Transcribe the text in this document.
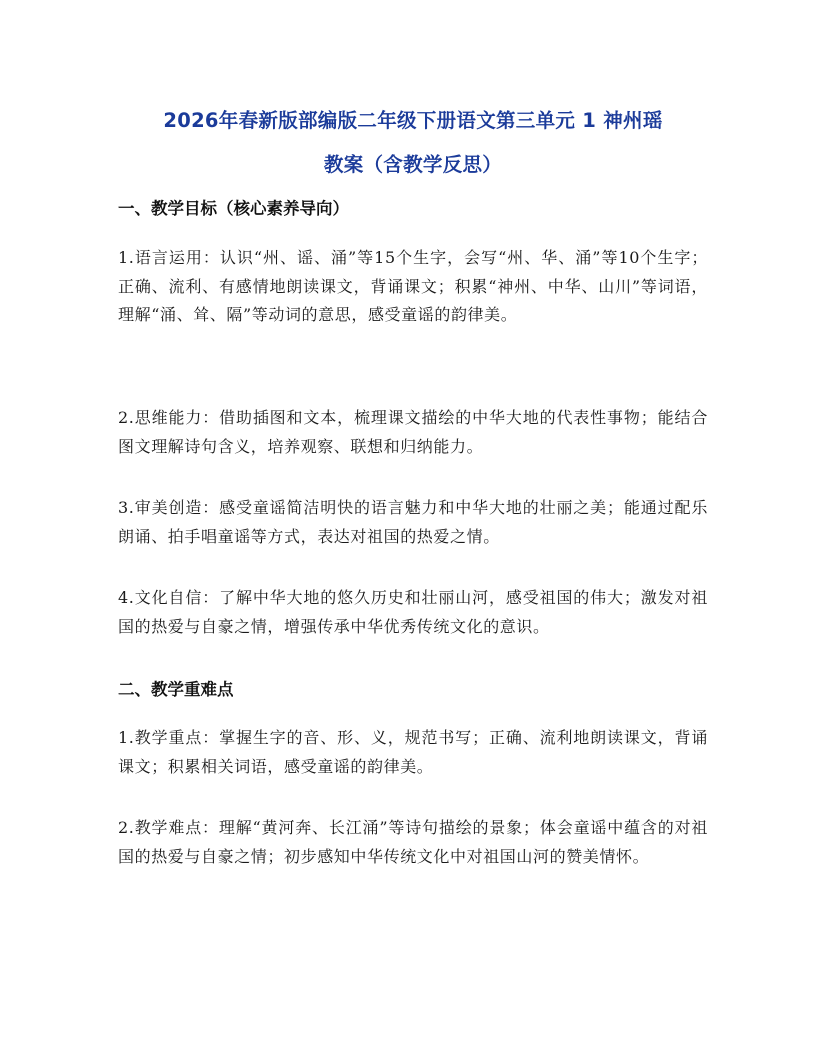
2026年春新版部编版二年级下册语文第三单元 1 神州瑶
教案（含教学反思）
一、教学目标（核心素养导向）

1.语言运用：认识“州、谣、涌”等15个生字，会写“州、华、涌”等10个生字；正确、流利、有感情地朗读课文，背诵课文；积累“神州、中华、山川”等词语，理解“涌、耸、隔”等动词的意思，感受童谣的韵律美。

2.思维能力：借助插图和文本，梳理课文描绘的中华大地的代表性事物；能结合图文理解诗句含义，培养观察、联想和归纳能力。

3.审美创造：感受童谣简洁明快的语言魅力和中华大地的壮丽之美；能通过配乐朗诵、拍手唱童谣等方式，表达对祖国的热爱之情。

4.文化自信：了解中华大地的悠久历史和壮丽山河，感受祖国的伟大；激发对祖国的热爱与自豪之情，增强传承中华优秀传统文化的意识。

二、教学重难点

1.教学重点：掌握生字的音、形、义，规范书写；正确、流利地朗读课文，背诵课文；积累相关词语，感受童谣的韵律美。

2.教学难点：理解“黄河奔、长江涌”等诗句描绘的景象；体会童谣中蕴含的对祖国的热爱与自豪之情；初步感知中华传统文化中对祖国山河的赞美情怀。
